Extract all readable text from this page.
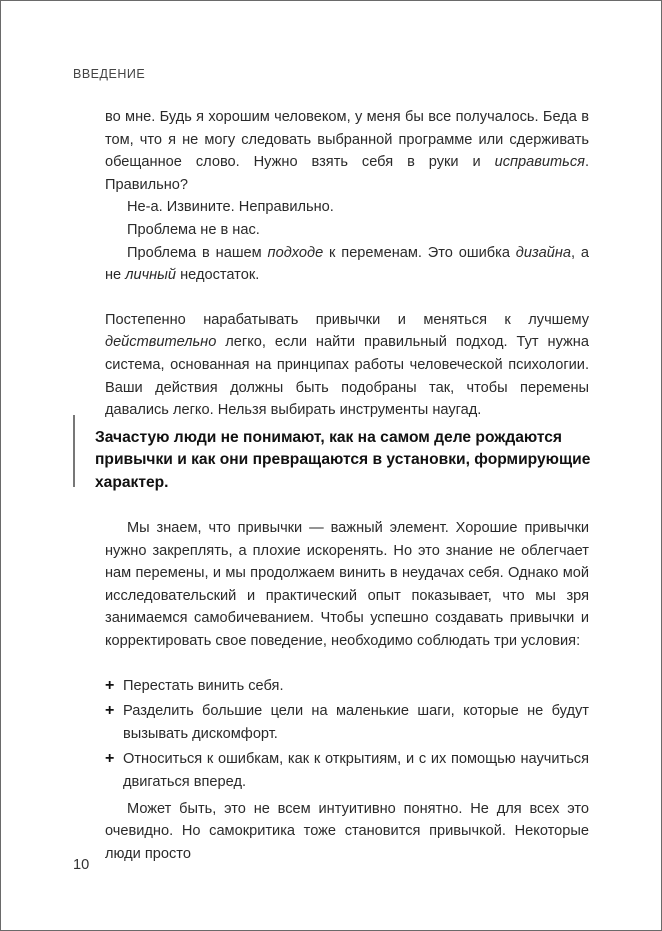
ВВЕДЕНИЕ

во мне. Будь я хорошим человеком, у меня бы все получалось. Беда в том, что я не могу следовать выбранной программе или сдерживать обещанное слово. Нужно взять себя в руки и исправиться. Правильно?

Не-а. Извините. Неправильно.

Проблема не в нас.

Проблема в нашем подходе к переменам. Это ошибка дизайна, а не личный недостаток.

Постепенно нарабатывать привычки и меняться к лучшему действительно легко, если найти правильный подход. Тут нужна система, основанная на принципах работы человеческой психологии. Ваши действия должны быть подобраны так, чтобы перемены давались легко. Нельзя выбирать инструменты наугад.

Зачастую люди не понимают, как на самом деле рождаются привычки и как они превращаются в установки, формирующие характер.

Мы знаем, что привычки — важный элемент. Хорошие привычки нужно закреплять, а плохие искоренять. Но это знание не облегчает нам перемены, и мы продолжаем винить в неудачах себя. Однако мой исследовательский и практический опыт показывает, что мы зря занимаемся самобичеванием. Чтобы успешно создавать привычки и корректировать свое поведение, необходимо соблюдать три условия:

+ Перестать винить себя.
+ Разделить большие цели на маленькие шаги, которые не будут вызывать дискомфорт.
+ Относиться к ошибкам, как к открытиям, и с их помощью научиться двигаться вперед.

Может быть, это не всем интуитивно понятно. Не для всех это очевидно. Но самокритика тоже становится привычкой. Некоторые люди просто

10
